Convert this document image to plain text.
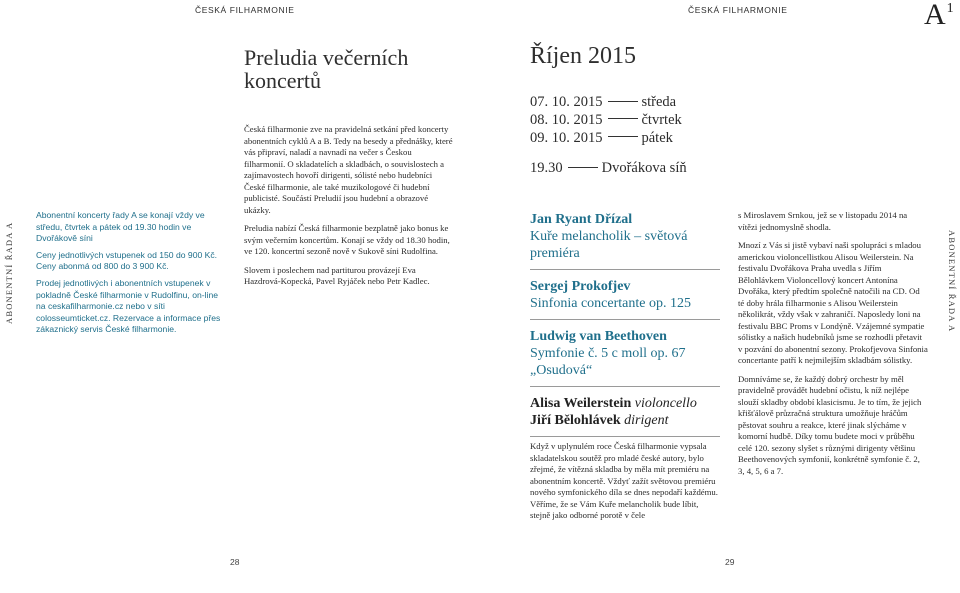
ČESKÁ FILHARMONIE	ČESKÁ FILHARMONIE	$A^1$
ABONENTNÍ ŘADA A	ABONENTNÍ ŘADA A

Abonentní koncerty řady A se konají vždy ve středu, čtvrtek a pátek od 19.30 hodin ve Dvořákově síni

Ceny jednotlivých vstupenek od 150 do 900 Kč. Ceny abonmá od 800 do 3 900 Kč.

Prodej jednotlivých i abonentních vstupenek v pokladně České filharmonie v Rudolfinu, on-line na ceskafilharmonie.cz nebo v síti colosseumticket.cz. Rezervace a informace přes zákaznický servis České filharmonie.

Preludia večerních koncertů

Česká filharmonie zve na pravidelná setkání před koncerty abonentních cyklů A a B. Tedy na besedy a přednášky, které vás připraví, naladí a navnadí na večer s Českou filharmonií. O skladatelích a skladbách, o souvislostech a zajímavostech hovoří dirigenti, sólisté nebo hudebníci České filharmonie, ale také muzikologové či hudební publicisté. Součástí Preludií jsou hudební a obrazové ukázky.

Preludia nabízí Česká filharmonie bezplatně jako bonus ke svým večerním koncertům. Konají se vždy od 18.30 hodin, ve 120. koncertní sezoně nově v Sukově síni Rudolfina.

Slovem i poslechem nad partiturou provázejí Eva Hazdrová-Kopecká, Pavel Ryjáček nebo Petr Kadlec.

Říjen 2015
07. 10. 2015	středa
08. 10. 2015	čtvrtek
09. 10. 2015	pátek
19.30	Dvořákova síň
Jan Ryant Dřízal
Kuře melancholik – světová premiéra
Sergej Prokofjev
Sinfonia concertante op. 125
Ludwig van Beethoven
Symfonie č. 5 c moll op. 67 „Osudová“
Alisa Weilerstein violoncello
Jiří Bělohlávek dirigent
Když v uplynulém roce Česká filharmonie vypsala skladatelskou soutěž pro mladé české autory, bylo zřejmé, že vítězná skladba by měla mít premiéru na abonentním koncertě. Vždyť zažít světovou premiéru nového symfonického díla se dnes nepodaří každému. Věříme, že se Vám Kuře melancholik bude líbit, stejně jako odborné porotě v čele

s Miroslavem Srnkou, jež se v listopadu 2014 na vítězi jednomyslně shodla.

Mnozí z Vás si jistě vybaví naši spolupráci s mladou americkou violoncellistkou Alisou Weilerstein. Na festivalu Dvořákova Praha uvedla s Jiřím Bělohlávkem Violoncellový koncert Antonína Dvořáka, který předtím společně natočili na CD. Od té doby hrála filharmonie s Alisou Weilerstein několikrát, vždy však v zahraničí. Naposledy loni na festivalu BBC Proms v Londýně. Vzájemné sympatie sólistky a našich hudebníků jsme se rozhodli přetavit v pozvání do abonentní sezony. Prokofjevova Sinfonia concertante patří k nejmilejším skladbám sólistky.

Domníváme se, že každý dobrý orchestr by měl pravidelně provádět hudební očistu, k níž nejlépe slouží skladby období klasicismu. Je to tím, že jejich křišťálově průzračná struktura umožňuje hráčům pěstovat souhru a reakce, které jinak slýcháme v komorní hudbě. Díky tomu budete moci v průběhu celé 120. sezony slyšet s různými dirigenty většinu Beethovenových symfonií, konkrétně symfonie č. 2, 3, 4, 5, 6 a 7.

28	29
